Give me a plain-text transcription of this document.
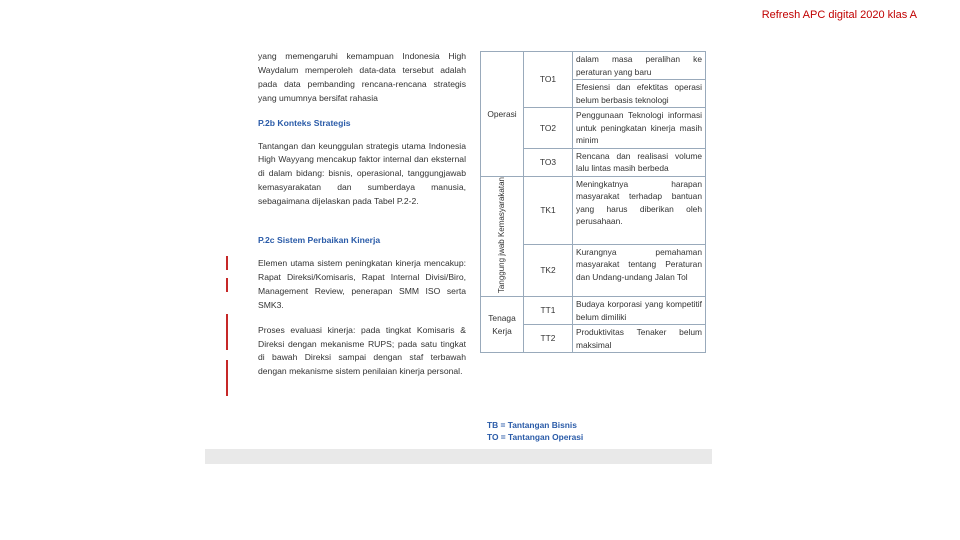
Refresh APC digital 2020 klas A

yang memengaruhi kemampuan Indonesia High Waydalum memperoleh data-data tersebut adalah pada data pembanding rencana-rencana strategis yang umumnya bersifat rahasia

P.2b Konteks Strategis

Tantangan dan keunggulan strategis utama Indonesia High Wayyang mencakup faktor internal dan eksternal di dalam bidang: bisnis, operasional, tanggungjawab kemasyarakatan dan sumberdaya manusia, sebagaimana dijelaskan pada Tabel P.2-2.

P.2c Sistem Perbaikan Kinerja

Elemen utama sistem peningkatan kinerja mencakup: Rapat Direksi/Komisaris, Rapat Internal Divisi/Biro, Management Review, penerapan SMM ISO serta SMK3.

Proses evaluasi kinerja: pada tingkat Komisaris & Direksi dengan mekanisme RUPS; pada satu tingkat di bawah Direksi sampai dengan staf terbawah dengan mekanisme sistem penilaian kinerja personal.

Operasi	TO1	dalam masa peralihan ke peraturan yang baru
		Efesiensi dan efektitas operasi belum berbasis teknologi
	TO2	Penggunaan Teknologi informasi untuk peningkatan kinerja masih minim
	TO3	Rencana dan realisasi volume lalu lintas masih berbeda
Tanggung jwab Kemasyarakatan	TK1	Meningkatnya harapan masyarakat terhadap bantuan yang harus diberikan oleh perusahaan.
	TK2	Kurangnya pemahaman masyarakat tentang Peraturan dan Undang-undang Jalan Tol
Tenaga Kerja	TT1	Budaya korporasi yang kompetitif belum dimiliki
	TT2	Produktivitas Tenaker belum maksimal
TB = Tantangan Bisnis
TO = Tantangan Operasi
